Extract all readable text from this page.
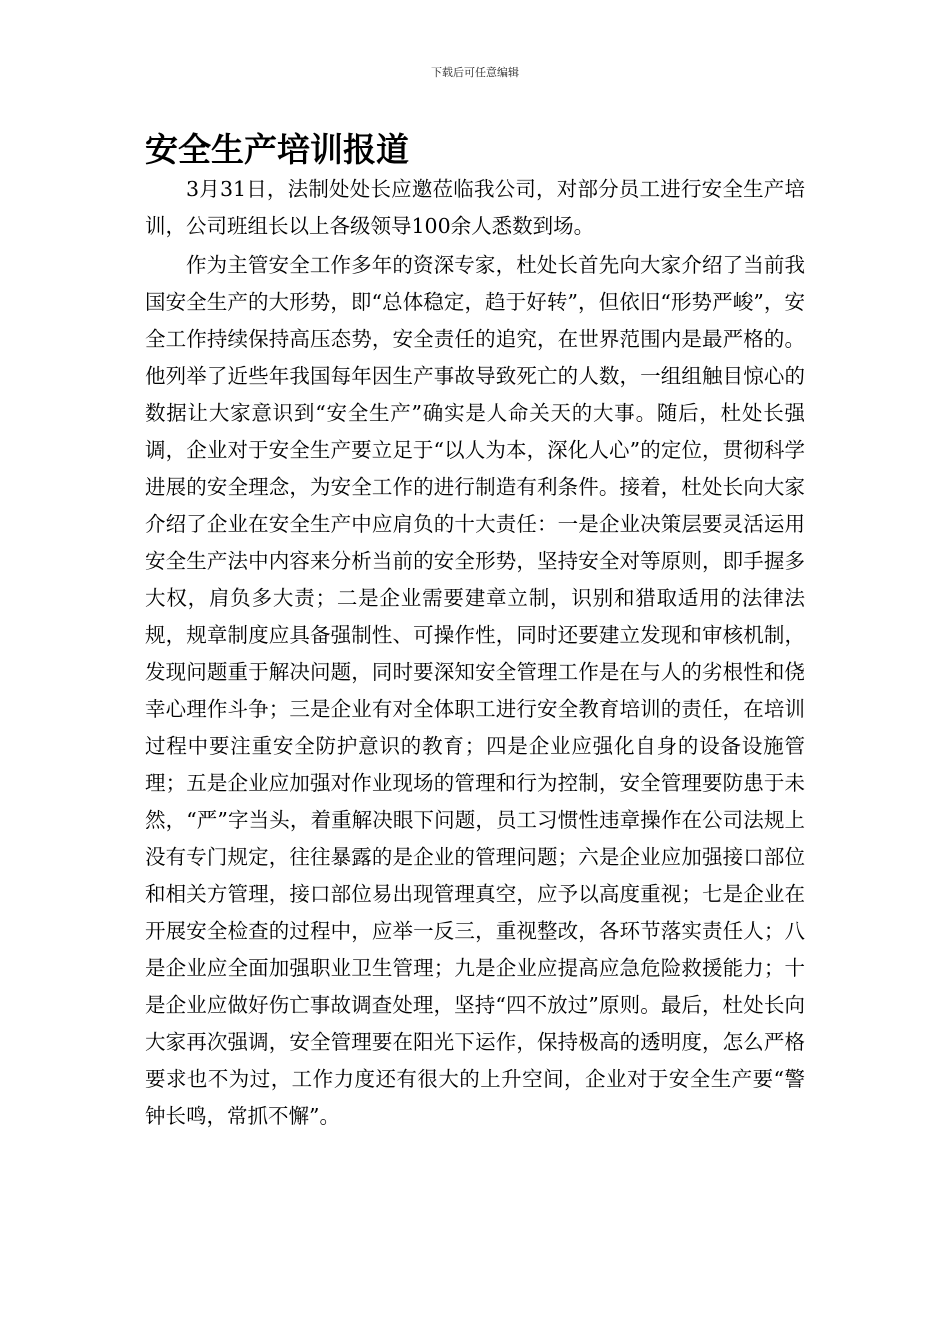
下载后可任意编辑
安全生产培训报道

3月31日，法制处处长应邀莅临我公司，对部分员工进行安全生产培训，公司班组长以上各级领导100余人悉数到场。

作为主管安全工作多年的资深专家，杜处长首先向大家介绍了当前我国安全生产的大形势，即“总体稳定，趋于好转”，但依旧“形势严峻”，安全工作持续保持高压态势，安全责任的追究，在世界范围内是最严格的。他列举了近些年我国每年因生产事故导致死亡的人数，一组组触目惊心的数据让大家意识到“安全生产”确实是人命关天的大事。随后，杜处长强调，企业对于安全生产要立足于“以人为本，深化人心”的定位，贯彻科学进展的安全理念，为安全工作的进行制造有利条件。接着，杜处长向大家介绍了企业在安全生产中应肩负的十大责任：一是企业决策层要灵活运用安全生产法中内容来分析当前的安全形势，坚持安全对等原则，即手握多大权，肩负多大责；二是企业需要建章立制，识别和猎取适用的法律法规，规章制度应具备强制性、可操作性，同时还要建立发现和审核机制，发现问题重于解决问题，同时要深知安全管理工作是在与人的劣根性和侥幸心理作斗争；三是企业有对全体职工进行安全教育培训的责任，在培训过程中要注重安全防护意识的教育；四是企业应强化自身的设备设施管理；五是企业应加强对作业现场的管理和行为控制，安全管理要防患于未然，“严”字当头，着重解决眼下问题，员工习惯性违章操作在公司法规上没有专门规定，往往暴露的是企业的管理问题；六是企业应加强接口部位和相关方管理，接口部位易出现管理真空，应予以高度重视；七是企业在开展安全检查的过程中，应举一反三，重视整改，各环节落实责任人；八是企业应全面加强职业卫生管理；九是企业应提高应急危险救援能力；十是企业应做好伤亡事故调查处理，坚持“四不放过”原则。最后，杜处长向大家再次强调，安全管理要在阳光下运作，保持极高的透明度，怎么严格要求也不为过，工作力度还有很大的上升空间，企业对于安全生产要“警钟长鸣，常抓不懈”。
